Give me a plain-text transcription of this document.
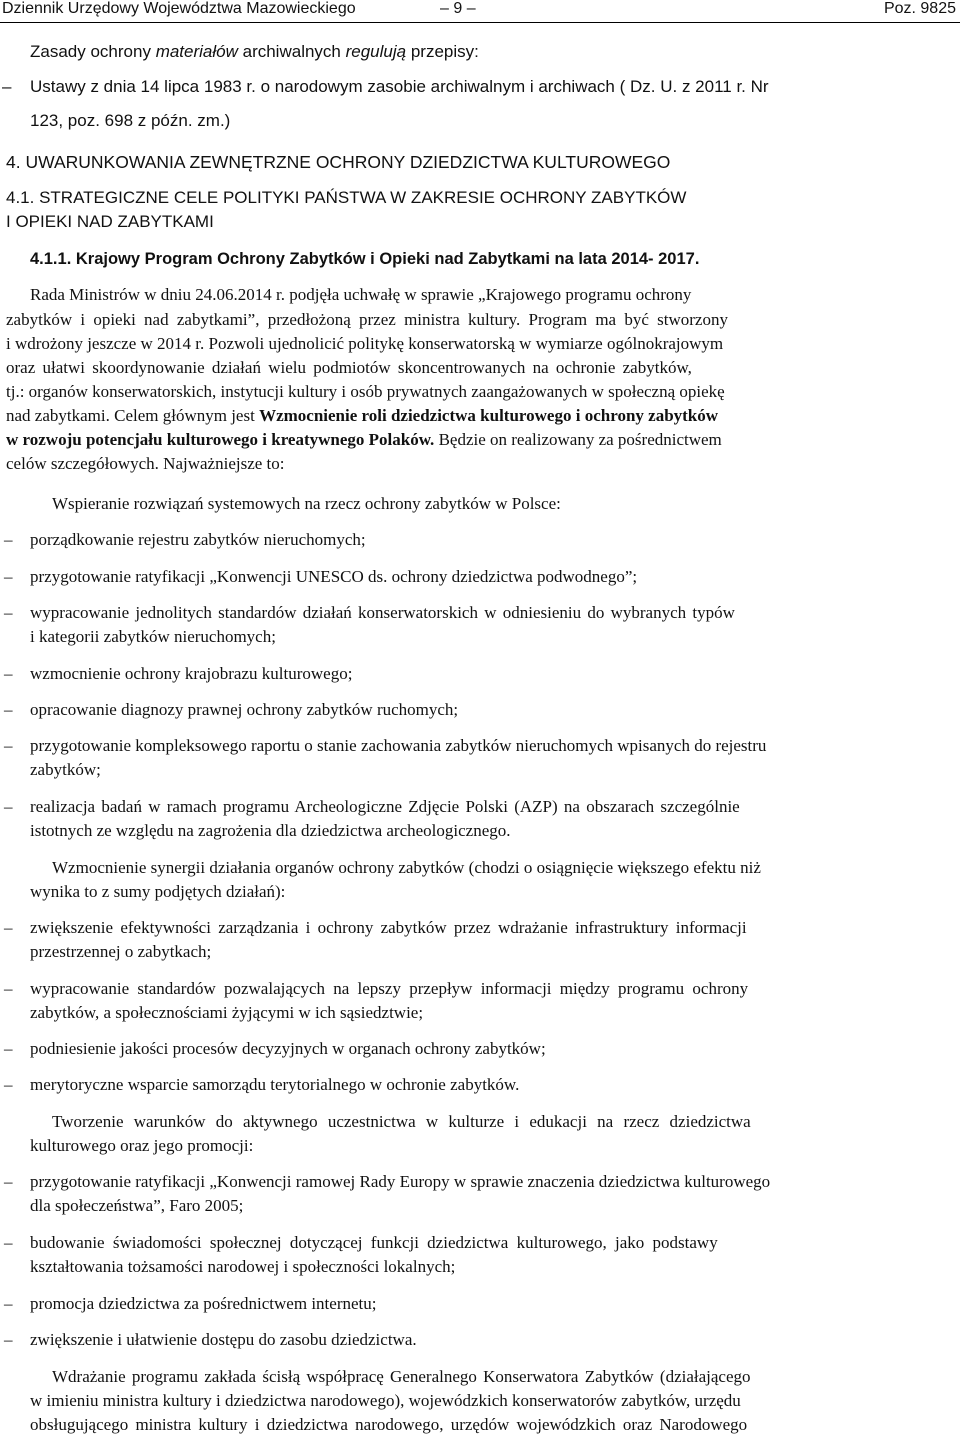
Dziennik Urzędowy Województwa Mazowieckiego	– 9 –	Poz. 9825
Zasady ochrony materiałów archiwalnych regulują przepisy:
– Ustawy z dnia 14 lipca 1983 r. o narodowym zasobie archiwalnym i archiwach ( Dz. U. z 2011 r. Nr
123, poz. 698 z późn. zm.)
4. UWARUNKOWANIA ZEWNĘTRZNE OCHRONY DZIEDZICTWA KULTUROWEGO
4.1. STRATEGICZNE CELE POLITYKI PAŃSTWA W ZAKRESIE OCHRONY ZABYTKÓW
I OPIEKI NAD ZABYTKAMI
4.1.1. Krajowy Program Ochrony Zabytków i Opieki nad Zabytkami na lata 2014- 2017.
Rada Ministrów w dniu 24.06.2014 r. podjęła uchwałę w sprawie „Krajowego programu ochrony
zabytków i opieki nad zabytkami”, przedłożoną przez ministra kultury. Program ma być stworzony
i wdrożony jeszcze w 2014 r. Pozwoli ujednolicić politykę konserwatorską w wymiarze ogólnokrajowym
oraz ułatwi skoordynowanie działań wielu podmiotów skoncentrowanych na ochronie zabytków,
tj.: organów konserwatorskich, instytucji kultury i osób prywatnych zaangażowanych w społeczną opiekę
nad zabytkami. Celem głównym jest Wzmocnienie roli dziedzictwa kulturowego i ochrony zabytków
w rozwoju potencjału kulturowego i kreatywnego Polaków. Będzie on realizowany za pośrednictwem
celów szczegółowych. Najważniejsze to:
Wspieranie rozwiązań systemowych na rzecz ochrony zabytków w Polsce:
– porządkowanie rejestru zabytków nieruchomych;
– przygotowanie ratyfikacji „Konwencji UNESCO ds. ochrony dziedzictwa podwodnego”;
– wypracowanie jednolitych standardów działań konserwatorskich w odniesieniu do wybranych typów
i kategorii zabytków nieruchomych;
– wzmocnienie ochrony krajobrazu kulturowego;
– opracowanie diagnozy prawnej ochrony zabytków ruchomych;
– przygotowanie kompleksowego raportu o stanie zachowania zabytków nieruchomych wpisanych do rejestru
zabytków;
– realizacja badań w ramach programu Archeologiczne Zdjęcie Polski (AZP) na obszarach szczególnie
istotnych ze względu na zagrożenia dla dziedzictwa archeologicznego.
Wzmocnienie synergii działania organów ochrony zabytków (chodzi o osiągnięcie większego efektu niż
wynika to z sumy podjętych działań):
– zwiększenie efektywności zarządzania i ochrony zabytków przez wdrażanie infrastruktury informacji
przestrzennej o zabytkach;
– wypracowanie standardów pozwalających na lepszy przepływ informacji między programu ochrony
zabytków, a społecznościami żyjącymi w ich sąsiedztwie;
– podniesienie jakości procesów decyzyjnych w organach ochrony zabytków;
– merytoryczne wsparcie samorządu terytorialnego w ochronie zabytków.
Tworzenie warunków do aktywnego uczestnictwa w kulturze i edukacji na rzecz dziedzictwa
kulturowego oraz jego promocji:
– przygotowanie ratyfikacji „Konwencji ramowej Rady Europy w sprawie znaczenia dziedzictwa kulturowego
dla społeczeństwa”, Faro 2005;
– budowanie świadomości społecznej dotyczącej funkcji dziedzictwa kulturowego, jako podstawy
kształtowania tożsamości narodowej i społeczności lokalnych;
– promocja dziedzictwa za pośrednictwem internetu;
– zwiększenie i ułatwienie dostępu do zasobu dziedzictwa.
Wdrażanie programu zakłada ścisłą współpracę Generalnego Konserwatora Zabytków (działającego
w imieniu ministra kultury i dziedzictwa narodowego), wojewódzkich konserwatorów zabytków, urzędu
obsługującego ministra kultury i dziedzictwa narodowego, urzędów wojewódzkich oraz Narodowego
